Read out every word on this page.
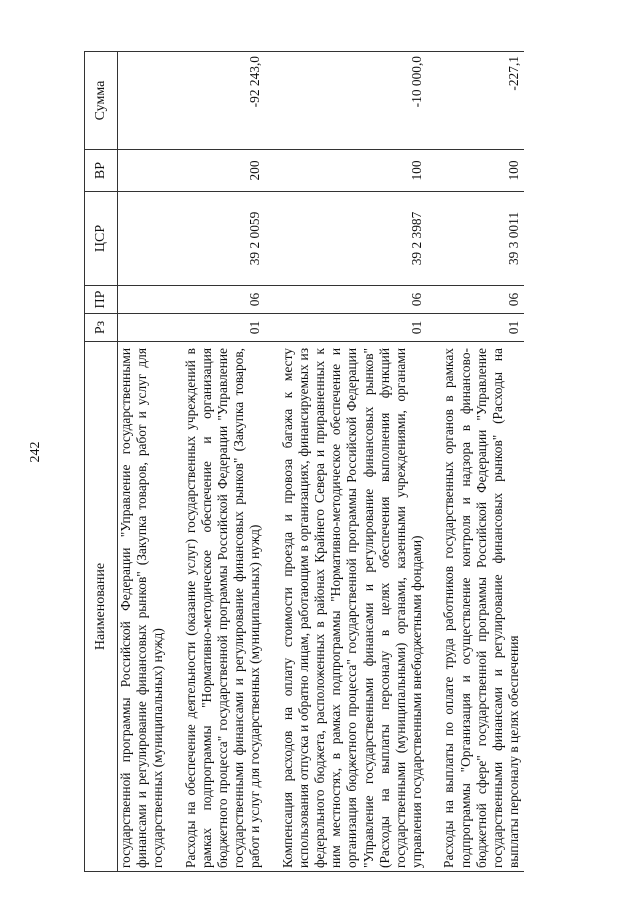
242
Наименование	Рз	ПР	ЦСР	ВР	Сумма
государственной программы Российской Федерации "Управление государственными финансами и регулирование финансовых рынков" (Закупка товаров, работ и услуг для государственных (муниципальных) нужд)					
Расходы на обеспечение деятельности (оказание услуг) государственных учреждений в рамках подпрограммы "Нормативно-методическое обеспечение и организация бюджетного процесса" государственной программы Российской Федерации "Управление государственными финансами и регулирование финансовых рынков" (Закупка товаров, работ и услуг для государственных (муниципальных) нужд)	01	06	39 2 0059	200	-92 243,0
Компенсация расходов на оплату стоимости проезда и провоза багажа к месту использования отпуска и обратно лицам, работающим в организациях, финансируемых из федерального бюджета, расположенных в районах Крайнего Севера и приравненных к ним местностях, в рамках подпрограммы "Нормативно-методическое обеспечение и организация бюджетного процесса" государственной программы Российской Федерации "Управление государственными финансами и регулирование финансовых рынков" (Расходы на выплаты персоналу в целях обеспечения выполнения функций государственными (муниципальными) органами, казенными учреждениями, органами управления государственными внебюджетными фондами)	01	06	39 2 3987	100	-10 000,0
Расходы на выплаты по оплате труда работников государственных органов в рамках подпрограммы "Организация и осуществление контроля и надзора в финансово-бюджетной сфере" государственной программы Российской Федерации "Управление государственными финансами и регулирование финансовых рынков" (Расходы на выплаты персоналу в целях обеспечения	01	06	39 3 0011	100	-227,1
